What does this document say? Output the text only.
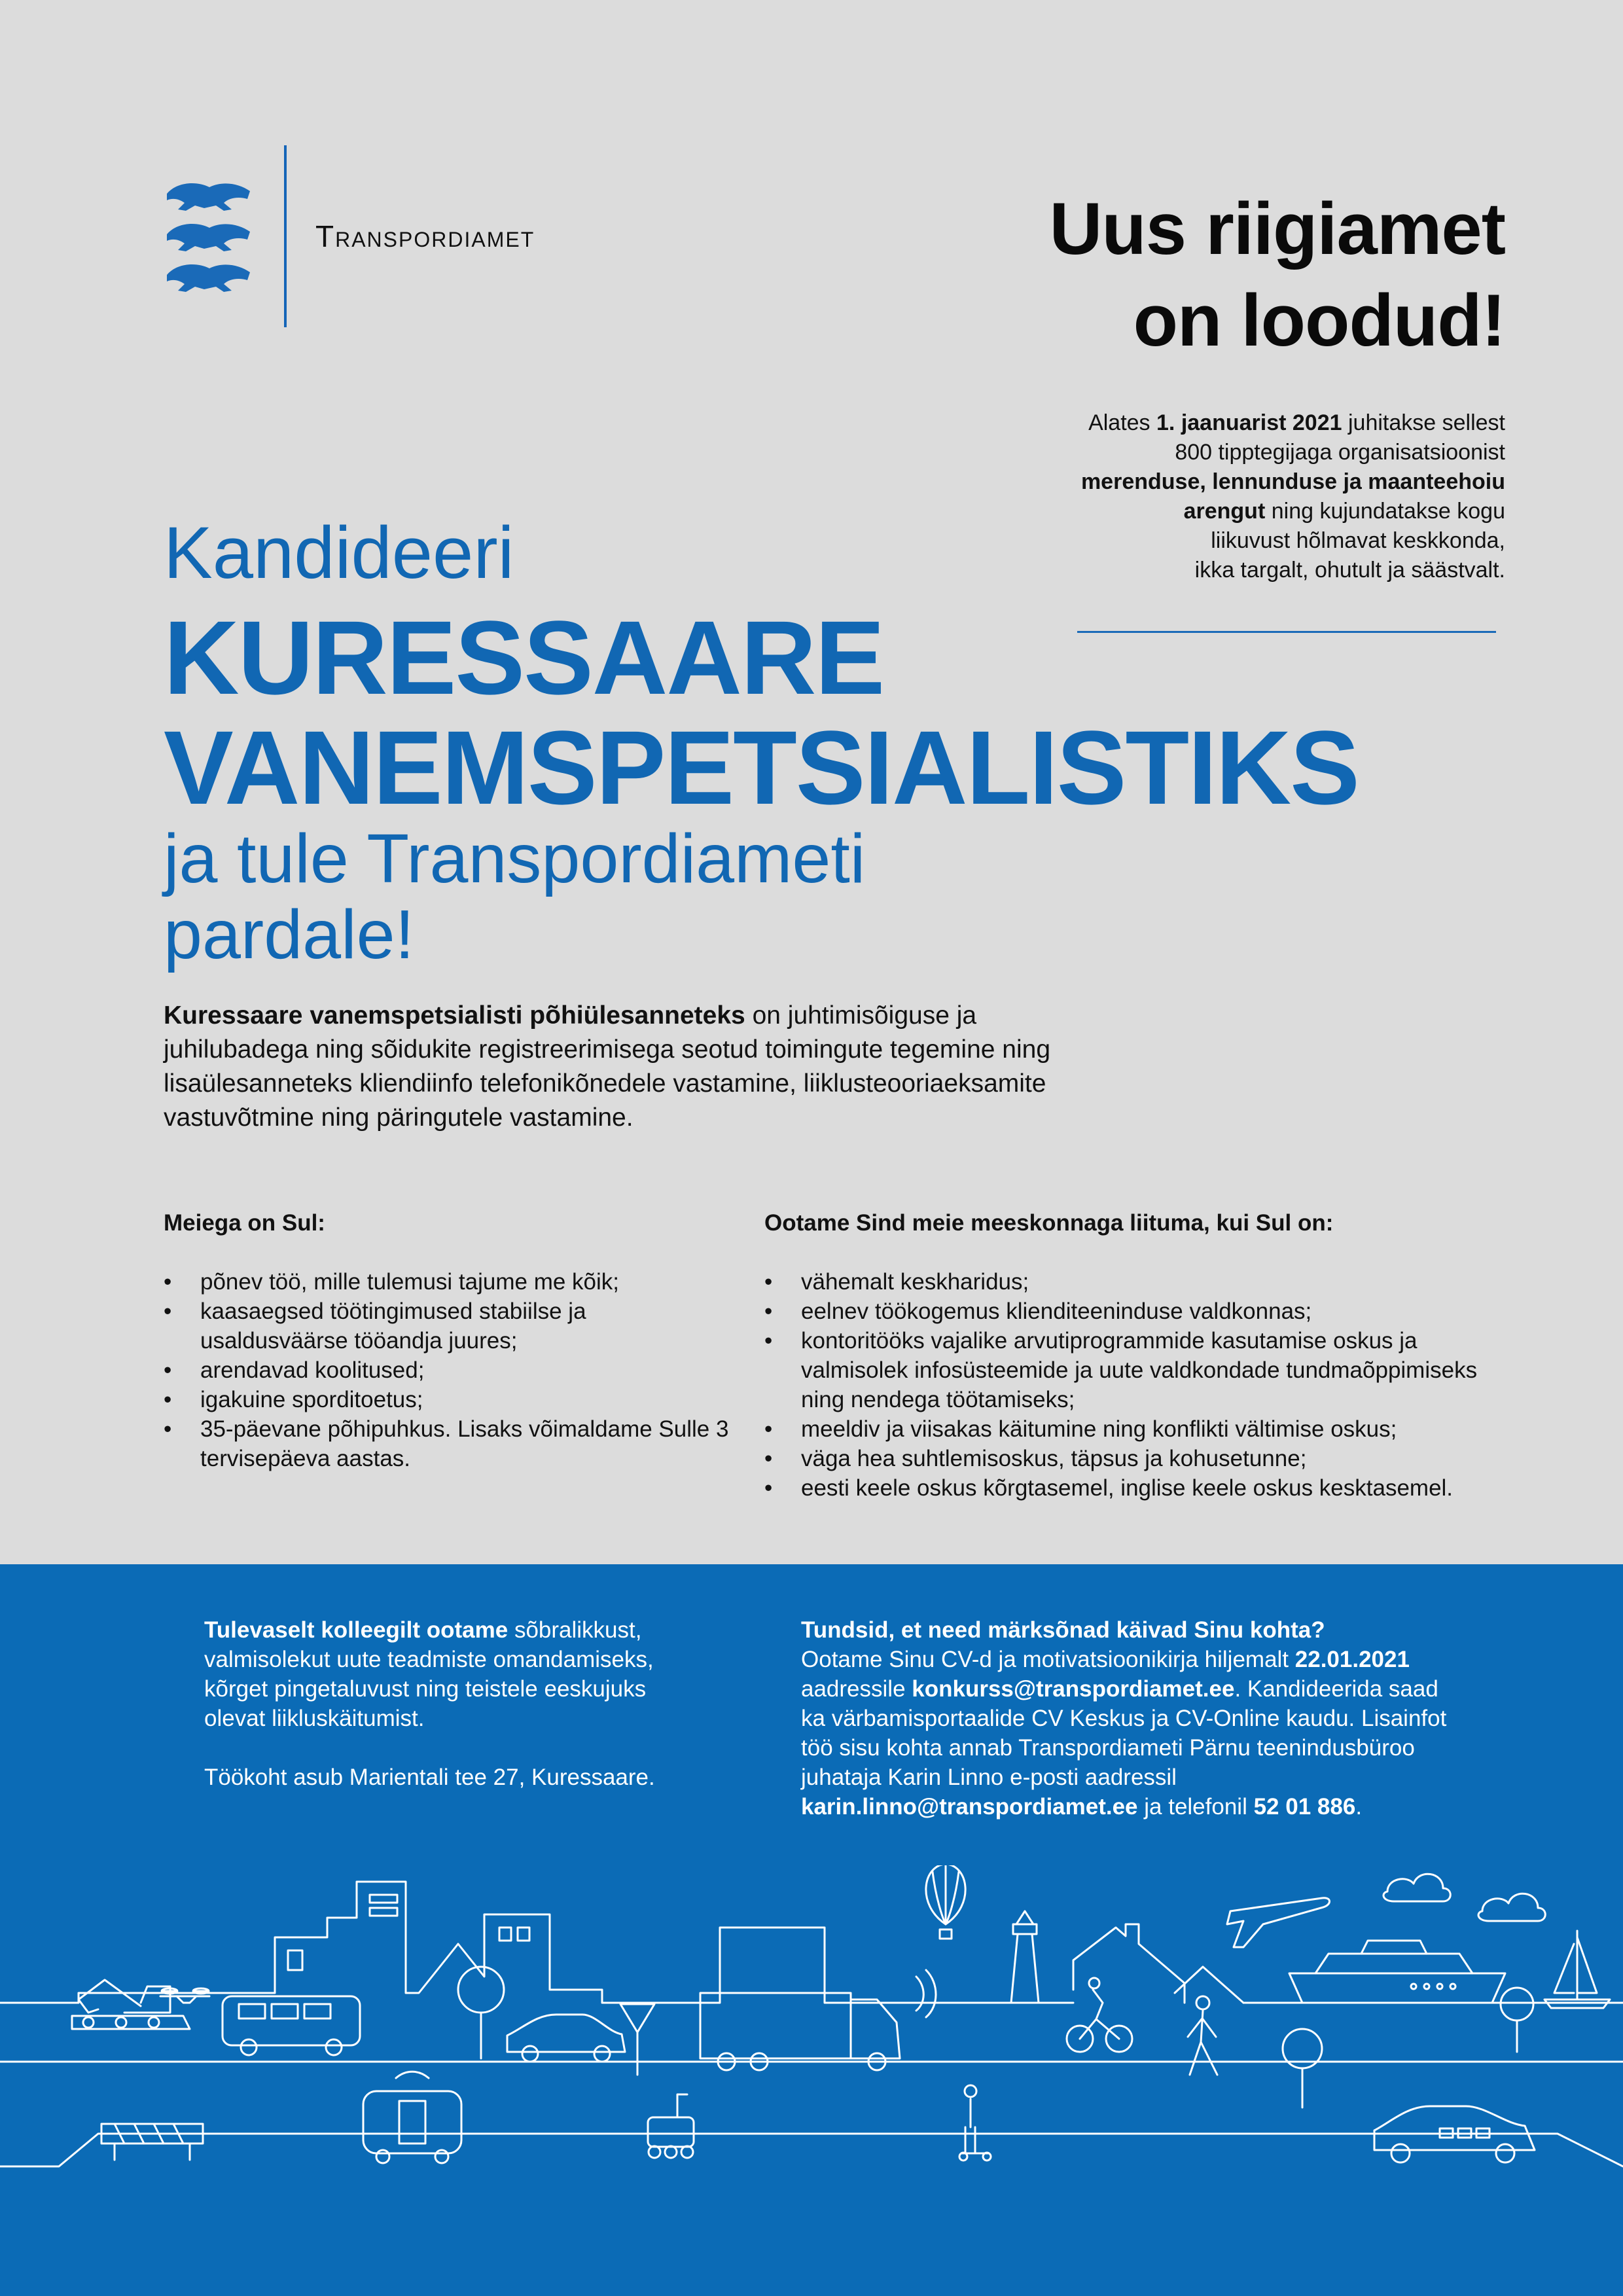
Transpordiamet	Uus riigiamet
on loodud!
Alates 1. jaanuarist 2021 juhitakse sellest
800 tipptegijaga organisatsioonist
merenduse, lennunduse ja maanteehoiu
arengut ning kujundatakse kogu
liikuvust hõlmavat keskkonda,
ikka targalt, ohutult ja säästvalt.
Kandideeri
KURESSAARE
VANEMSPETSIALISTIKS
ja tule Transpordiameti
pardale!
Kuressaare vanemspetsialisti põhiülesanneteks on juhtimisõiguse ja juhilubadega ning sõidukite registreerimisega seotud toimingute tegemine ning lisaülesanneteks kliendiinfo telefonikõnedele vastamine, liiklusteooriaeksamite vastuvõtmine ning päringutele vastamine.
Meiega on Sul:
• põnev töö, mille tulemusi tajume me kõik;
• kaasaegsed töötingimused stabiilse ja usaldusväärse tööandja juures;
• arendavad koolitused;
• igakuine sporditoetus;
• 35-päevane põhipuhkus. Lisaks võimaldame Sulle 3 tervisepäeva aastas.
Ootame Sind meie meeskonnaga liituma, kui Sul on:
• vähemalt keskharidus;
• eelnev töökogemus klienditeeninduse valdkonnas;
• kontoritööks vajalike arvutiprogrammide kasutamise oskus ja valmisolek infosüsteemide ja uute valdkondade tundmaõppimiseks ning nendega töötamiseks;
• meeldiv ja viisakas käitumine ning konflikti vältimise oskus;
• väga hea suhtlemisoskus, täpsus ja kohusetunne;
• eesti keele oskus kõrgtasemel, inglise keele oskus kesktasemel.
Tulevaselt kolleegilt ootame sõbralikkust, valmisolekut uute teadmiste omandamiseks, kõrget pingetaluvust ning teistele eeskujuks olevat liikluskäitumist.
Töökoht asub Marientali tee 27, Kuressaare.
Tundsid, et need märksõnad käivad Sinu kohta?
Ootame Sinu CV-d ja motivatsioonikirja hiljemalt 22.01.2021 aadressile konkurss@transpordiamet.ee. Kandideerida saad ka värbamisportaalide CV Keskus ja CV-Online kaudu. Lisainfot töö sisu kohta annab Transpordiameti Pärnu teenindusbüroo juhataja Karin Linno e-posti aadressil karin.linno@transpordiamet.ee ja telefonil 52 01 886.
